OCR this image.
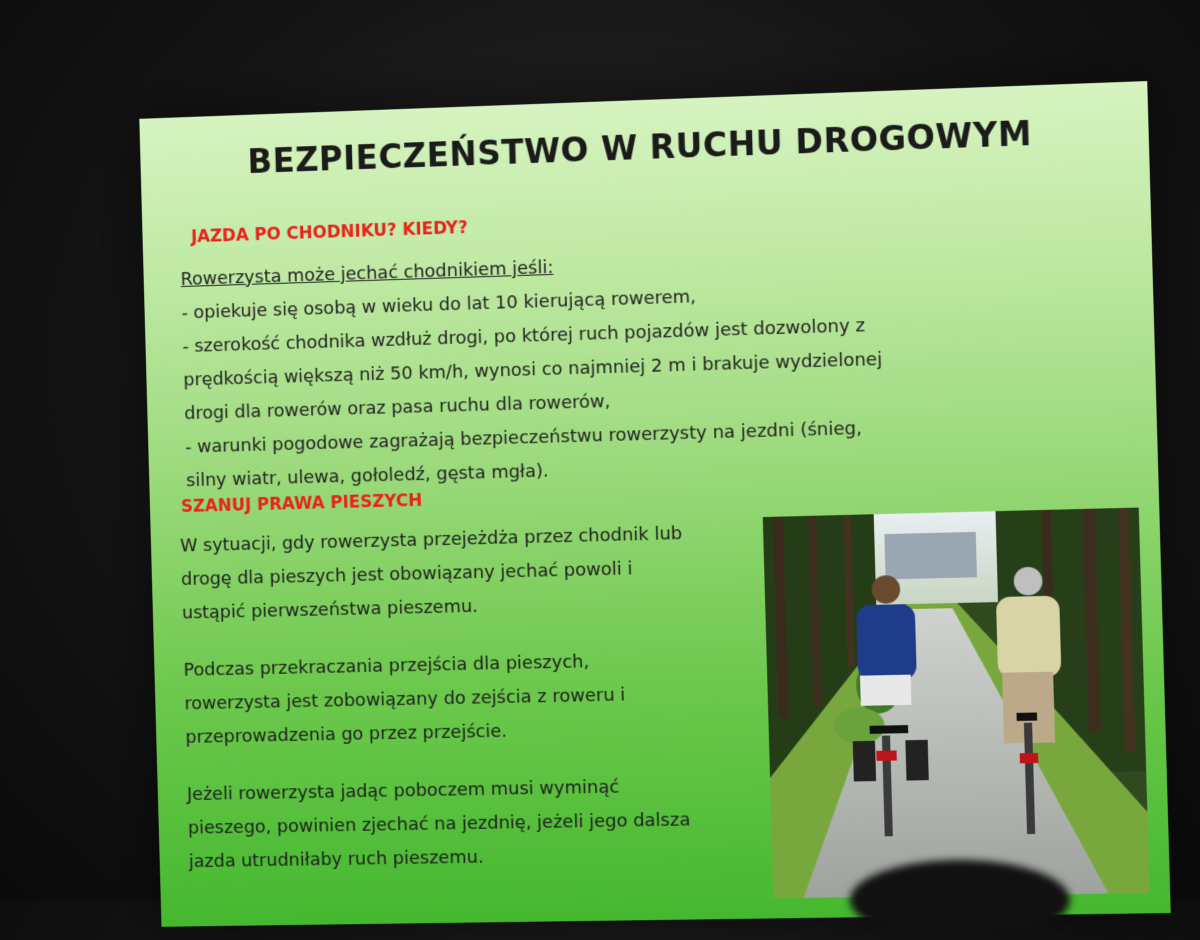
BEZPIECZEŃSTWO W RUCHU DROGOWYM
JAZDA PO CHODNIKU? KIEDY?
Rowerzysta może jechać chodnikiem jeśli:
- opiekuje się osobą w wieku do lat 10 kierującą rowerem,
- szerokość chodnika wzdłuż drogi, po której ruch pojazdów jest dozwolony z
prędkością większą niż 50 km/h, wynosi co najmniej 2 m i brakuje wydzielonej
drogi dla rowerów oraz pasa ruchu dla rowerów,
- warunki pogodowe zagrażają bezpieczeństwu rowerzysty na jezdni (śnieg,
silny wiatr, ulewa, gołoledź, gęsta mgła).
SZANUJ PRAWA PIESZYCH
W sytuacji, gdy rowerzysta przejeżdża przez chodnik lub
drogę dla pieszych jest obowiązany jechać powoli i
ustąpić pierwszeństwa pieszemu.
Podczas przekraczania przejścia dla pieszych,
rowerzysta jest zobowiązany do zejścia z roweru i
przeprowadzenia go przez przejście.
Jeżeli rowerzysta jadąc poboczem musi wyminąć
pieszego, powinien zjechać na jezdnię, jeżeli jego dalsza
jazda utrudniłaby ruch pieszemu.
